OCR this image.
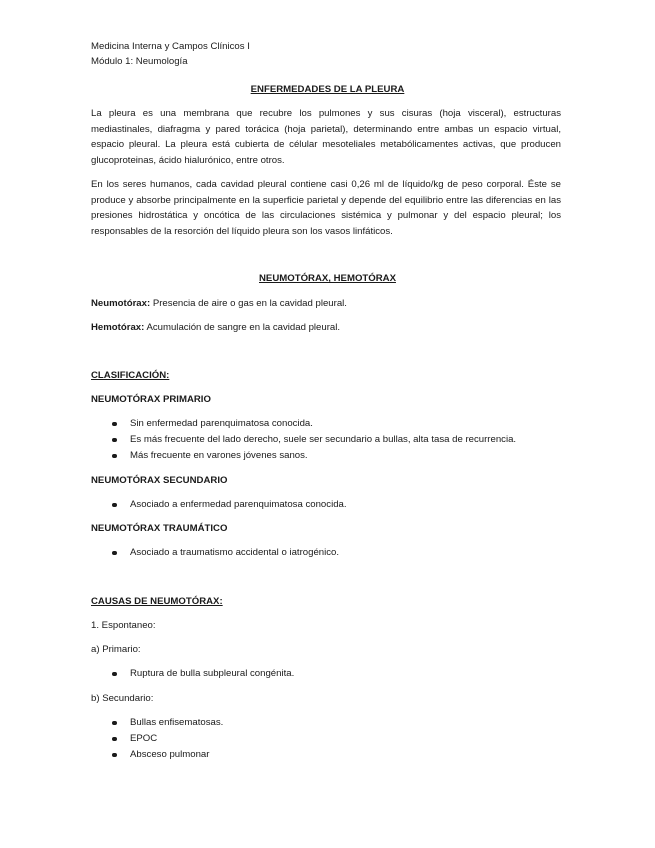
Medicina Interna y Campos Clínicos I
Módulo 1: Neumología
ENFERMEDADES DE LA PLEURA
La pleura es una membrana que recubre los pulmones y sus cisuras (hoja visceral), estructuras mediastinales, diafragma y pared torácica (hoja parietal), determinando entre ambas un espacio virtual, espacio pleural. La pleura está cubierta de célular mesoteliales metabólicamentes activas, que producen glucoproteinas, ácido hialurónico, entre otros.
En los seres humanos, cada cavidad pleural contiene casi 0,26 ml de líquido/kg de peso corporal. Éste se produce y absorbe principalmente en la superficie parietal y depende del equilibrio entre las diferencias en las presiones hidrostática y oncótica de las circulaciones sistémica y pulmonar y del espacio pleural; los responsables de la resorción del líquido pleura son los vasos linfáticos.
NEUMOTÓRAX, HEMOTÓRAX
Neumotórax: Presencia de aire o gas en la cavidad pleural.
Hemotórax: Acumulación de sangre en la cavidad pleural.
CLASIFICACIÓN:
NEUMOTÓRAX PRIMARIO
Sin enfermedad parenquimatosa conocida.
Es más frecuente del lado derecho, suele ser secundario a bullas, alta tasa de recurrencia.
Más frecuente en varones jóvenes sanos.
NEUMOTÓRAX SECUNDARIO
Asociado a enfermedad parenquimatosa conocida.
NEUMOTÓRAX TRAUMÁTICO
Asociado a traumatismo accidental o iatrogénico.
CAUSAS DE NEUMOTÓRAX:
1. Espontaneo:
a) Primario:
Ruptura de bulla subpleural congénita.
b) Secundario:
Bullas enfisematosas.
EPOC
Absceso pulmonar
